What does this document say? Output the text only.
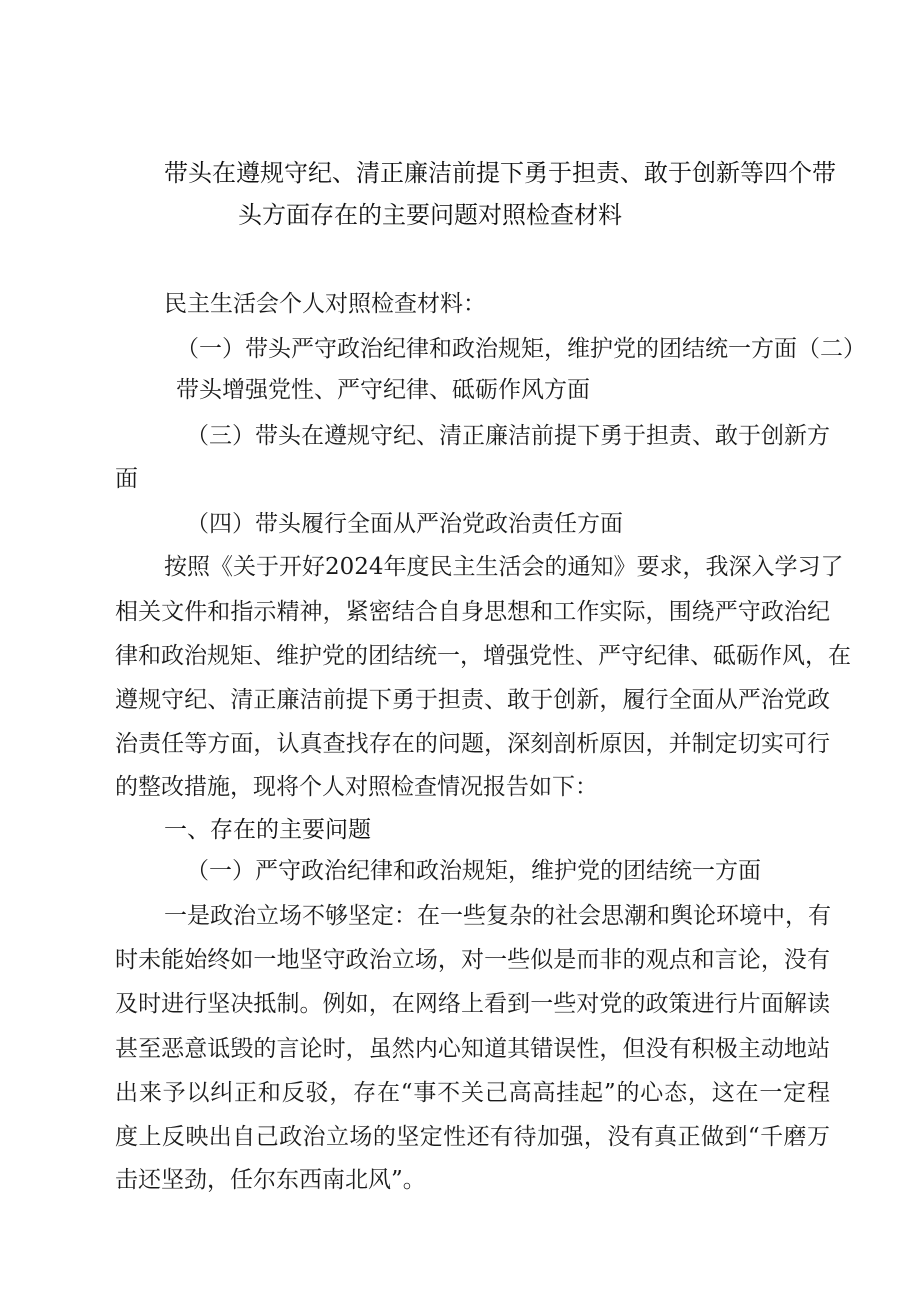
带头在遵规守纪、清正廉洁前提下勇于担责、敢于创新等四个带
头方面存在的主要问题对照检查材料
民主生活会个人对照检查材料：
（一）带头严守政治纪律和政治规矩，维护党的团结统一方面（二）
带头增强党性、严守纪律、砥砺作风方面
（三）带头在遵规守纪、清正廉洁前提下勇于担责、敢于创新方
面
（四）带头履行全面从严治党政治责任方面
按照《关于开好2024年度民主生活会的通知》要求，我深入学习了
相关文件和指示精神，紧密结合自身思想和工作实际，围绕严守政治纪
律和政治规矩、维护党的团结统一，增强党性、严守纪律、砥砺作风，在
遵规守纪、清正廉洁前提下勇于担责、敢于创新，履行全面从严治党政
治责任等方面，认真查找存在的问题，深刻剖析原因，并制定切实可行
的整改措施，现将个人对照检查情况报告如下：
一、存在的主要问题
（一）严守政治纪律和政治规矩，维护党的团结统一方面
一是政治立场不够坚定：在一些复杂的社会思潮和舆论环境中，有
时未能始终如一地坚守政治立场，对一些似是而非的观点和言论，没有
及时进行坚决抵制。例如，在网络上看到一些对党的政策进行片面解读
甚至恶意诋毁的言论时，虽然内心知道其错误性，但没有积极主动地站
出来予以纠正和反驳，存在“事不关己高高挂起”的心态，这在一定程
度上反映出自己政治立场的坚定性还有待加强，没有真正做到“千磨万
击还坚劲，任尔东西南北风”。
